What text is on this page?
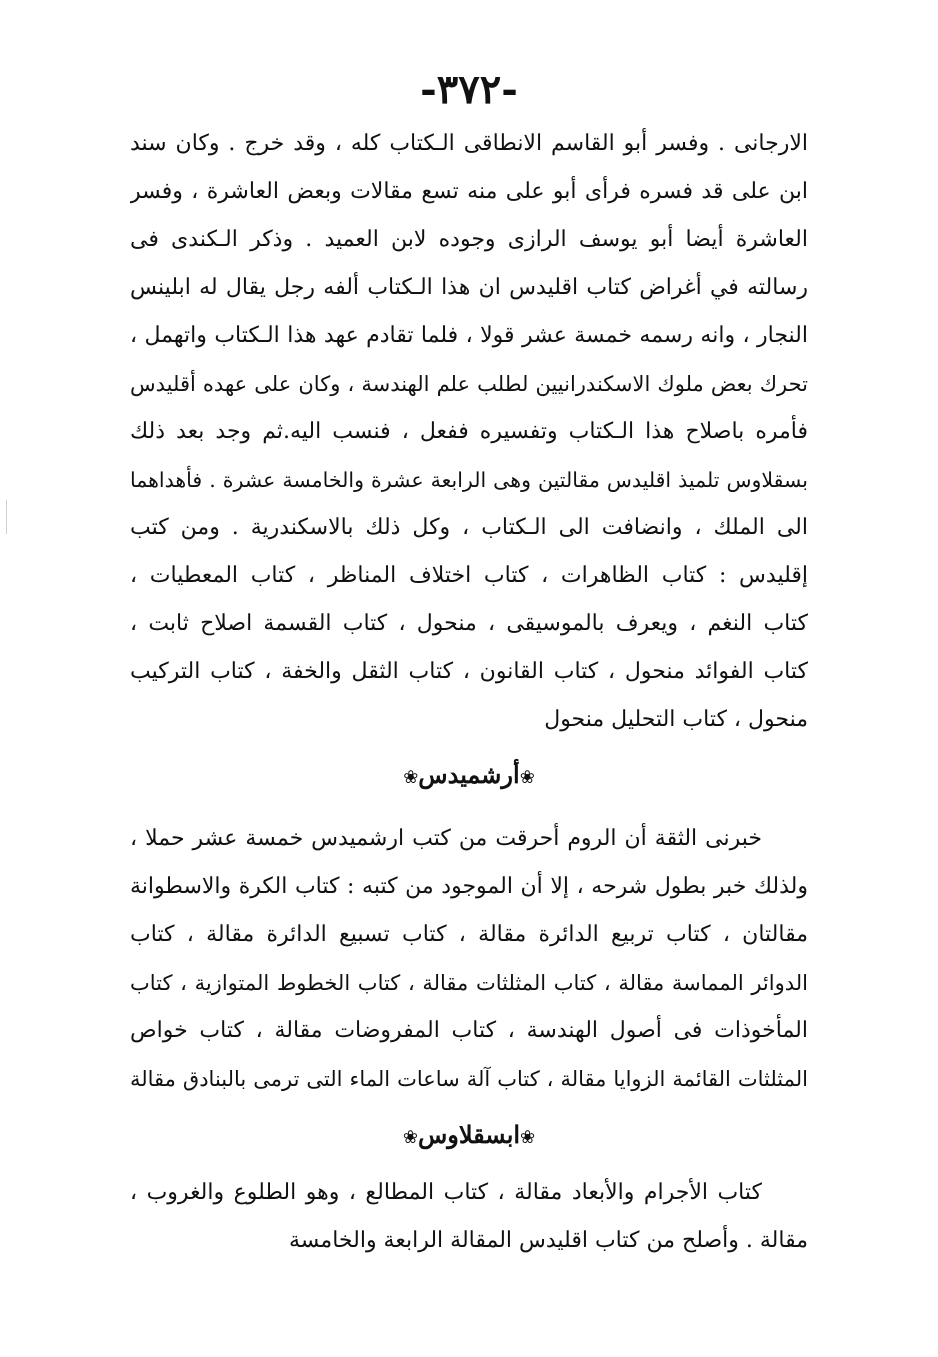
-٣٧٢-
الارجانى . وفسر أبو القاسم الانطاقى الـكتاب كله ، وقد خرج . وكان سند
ابن على قد فسره فرأى أبو على منه تسع مقالات وبعض العاشرة ، وفسر
العاشرة أيضا أبو يوسف الرازى وجوده لابن العميد . وذكر الـكندى فى
رسالته في أغراض كتاب اقليدس ان هذا الـكتاب ألفه رجل يقال له ابلينس
النجار ، وانه رسمه خمسة عشر قولا ، فلما تقادم عهد هذا الـكتاب واتهمل ،
تحرك بعض ملوك الاسكندرانيين لطلب علم الهندسة ، وكان على عهده أقليدس
فأمره باصلاح هذا الـكتاب وتفسيره ففعل ، فنسب اليه.ثم وجد بعد ذلك
بسقلاوس تلميذ اقليدس مقالتين وهى الرابعة عشرة والخامسة عشرة . فأهداهما
الى الملك ، وانضافت الى الـكتاب ، وكل ذلك بالاسكندرية . ومن كتب
إقليدس : كتاب الظاهرات ، كتاب اختلاف المناظر ، كتاب المعطيات ،
كتاب النغم ، ويعرف بالموسيقى ، منحول ، كتاب القسمة اصلاح ثابت ،
كتاب الفوائد منحول ، كتاب القانون ، كتاب الثقل والخفة ، كتاب التركيب
منحول ، كتاب التحليل منحول
❀أرشميدس❀
خبرنى الثقة أن الروم أحرقت من كتب ارشميدس خمسة عشر حملا ،
ولذلك خبر بطول شرحه ، إلا أن الموجود من كتبه : كتاب الكرة والاسطوانة
مقالتان ، كتاب تربيع الدائرة مقالة ، كتاب تسبيع الدائرة مقالة ، كتاب
الدوائر المماسة مقالة ، كتاب المثلثات مقالة ، كتاب الخطوط المتوازية ، كتاب
المأخوذات فى أصول الهندسة ، كتاب المفروضات مقالة ، كتاب خواص
المثلثات القائمة الزوايا مقالة ، كتاب آلة ساعات الماء التى ترمى بالبنادق مقالة
❀ابسقلاوس❀
كتاب الأجرام والأبعاد مقالة ، كتاب المطالع ، وهو الطلوع والغروب ،
مقالة . وأصلح من كتاب اقليدس المقالة الرابعة والخامسة
